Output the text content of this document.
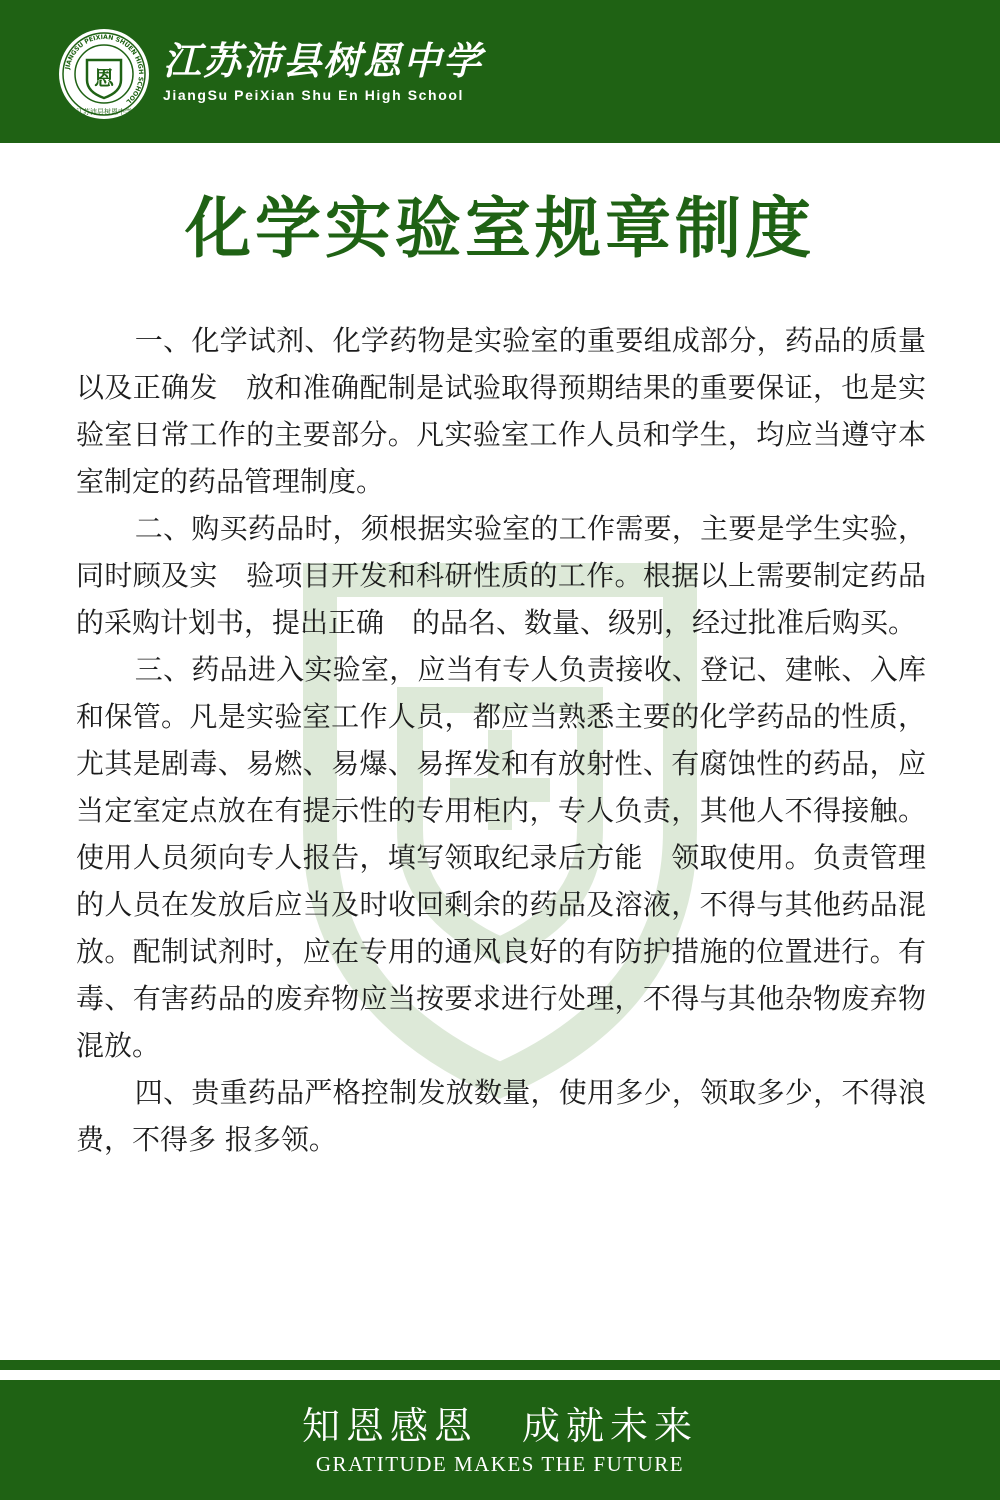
JIANGSU PEIXIAN SHUEN HIGH SCHOOL
恩
江苏沛县树恩中学
江苏沛县树恩中学
JiangSu PeiXian Shu En High School
化学实验室规章制度

一、化学试剂、化学药物是实验室的重要组成部分，药品的质量以及正确发　放和准确配制是试验取得预期结果的重要保证，也是实验室日常工作的主要部分。凡实验室工作人员和学生，均应当遵守本室制定的药品管理制度。

二、购买药品时，须根据实验室的工作需要，主要是学生实验，同时顾及实　验项目开发和科研性质的工作。根据以上需要制定药品的采购计划书，提出正确　的品名、数量、级别，经过批准后购买。

三、药品进入实验室，应当有专人负责接收、登记、建帐、入库和保管。凡是实验室工作人员，都应当熟悉主要的化学药品的性质，尤其是剧毒、易燃、易爆、易挥发和有放射性、有腐蚀性的药品，应当定室定点放在有提示性的专用柜内，专人负责，其他人不得接触。使用人员须向专人报告，填写领取纪录后方能　领取使用。负责管理的人员在发放后应当及时收回剩余的药品及溶液，不得与其他药品混放。配制试剂时，应在专用的通风良好的有防护措施的位置进行。有毒、有害药品的废弃物应当按要求进行处理，不得与其他杂物废弃物混放。

四、贵重药品严格控制发放数量，使用多少，领取多少，不得浪费，不得多 报多领。

知恩感恩　成就未来
GRATITUDE MAKES THE FUTURE
